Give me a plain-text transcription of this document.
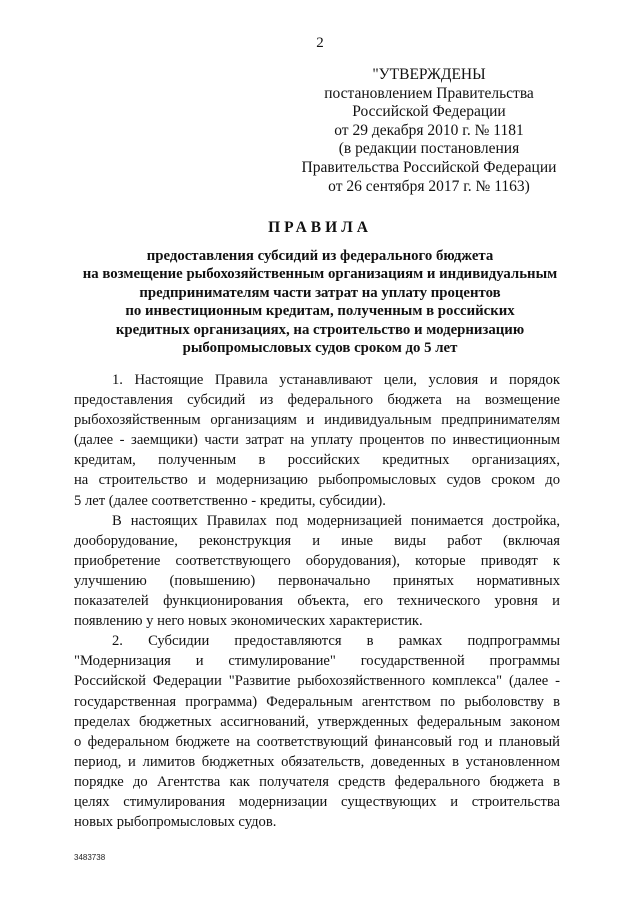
2
"УТВЕРЖДЕНЫ
постановлением Правительства
Российской Федерации
от 29 декабря 2010 г. № 1181
(в редакции постановления
Правительства Российской Федерации
от 26 сентября 2017 г. № 1163)
ПРАВИЛА
предоставления субсидий из федерального бюджета
на возмещение рыбохозяйственным организациям и индивидуальным
предпринимателям части затрат на уплату процентов
по инвестиционным кредитам, полученным в российских
кредитных организациях, на строительство и модернизацию
рыбопромысловых судов сроком до 5 лет
1. Настоящие Правила устанавливают цели, условия и порядок
предоставления субсидий из федерального бюджета на возмещение
рыбохозяйственным организациям и индивидуальным предпринимателям
(далее - заемщики) части затрат на уплату процентов по инвестиционным
кредитам, полученным в российских кредитных организациях,
на строительство и модернизацию рыбопромысловых судов сроком до
5 лет (далее соответственно - кредиты, субсидии).
В настоящих Правилах под модернизацией понимается достройка,
дооборудование, реконструкция и иные виды работ (включая
приобретение соответствующего оборудования), которые приводят к
улучшению (повышению) первоначально принятых нормативных
показателей функционирования объекта, его технического уровня и
появлению у него новых экономических характеристик.
2. Субсидии предоставляются в рамках подпрограммы
"Модернизация и стимулирование" государственной программы
Российской Федерации "Развитие рыбохозяйственного комплекса" (далее -
государственная программа) Федеральным агентством по рыболовству в
пределах бюджетных ассигнований, утвержденных федеральным законом
о федеральном бюджете на соответствующий финансовый год и плановый
период, и лимитов бюджетных обязательств, доведенных в установленном
порядке до Агентства как получателя средств федерального бюджета в
целях стимулирования модернизации существующих и строительства
новых рыбопромысловых судов.
3483738
